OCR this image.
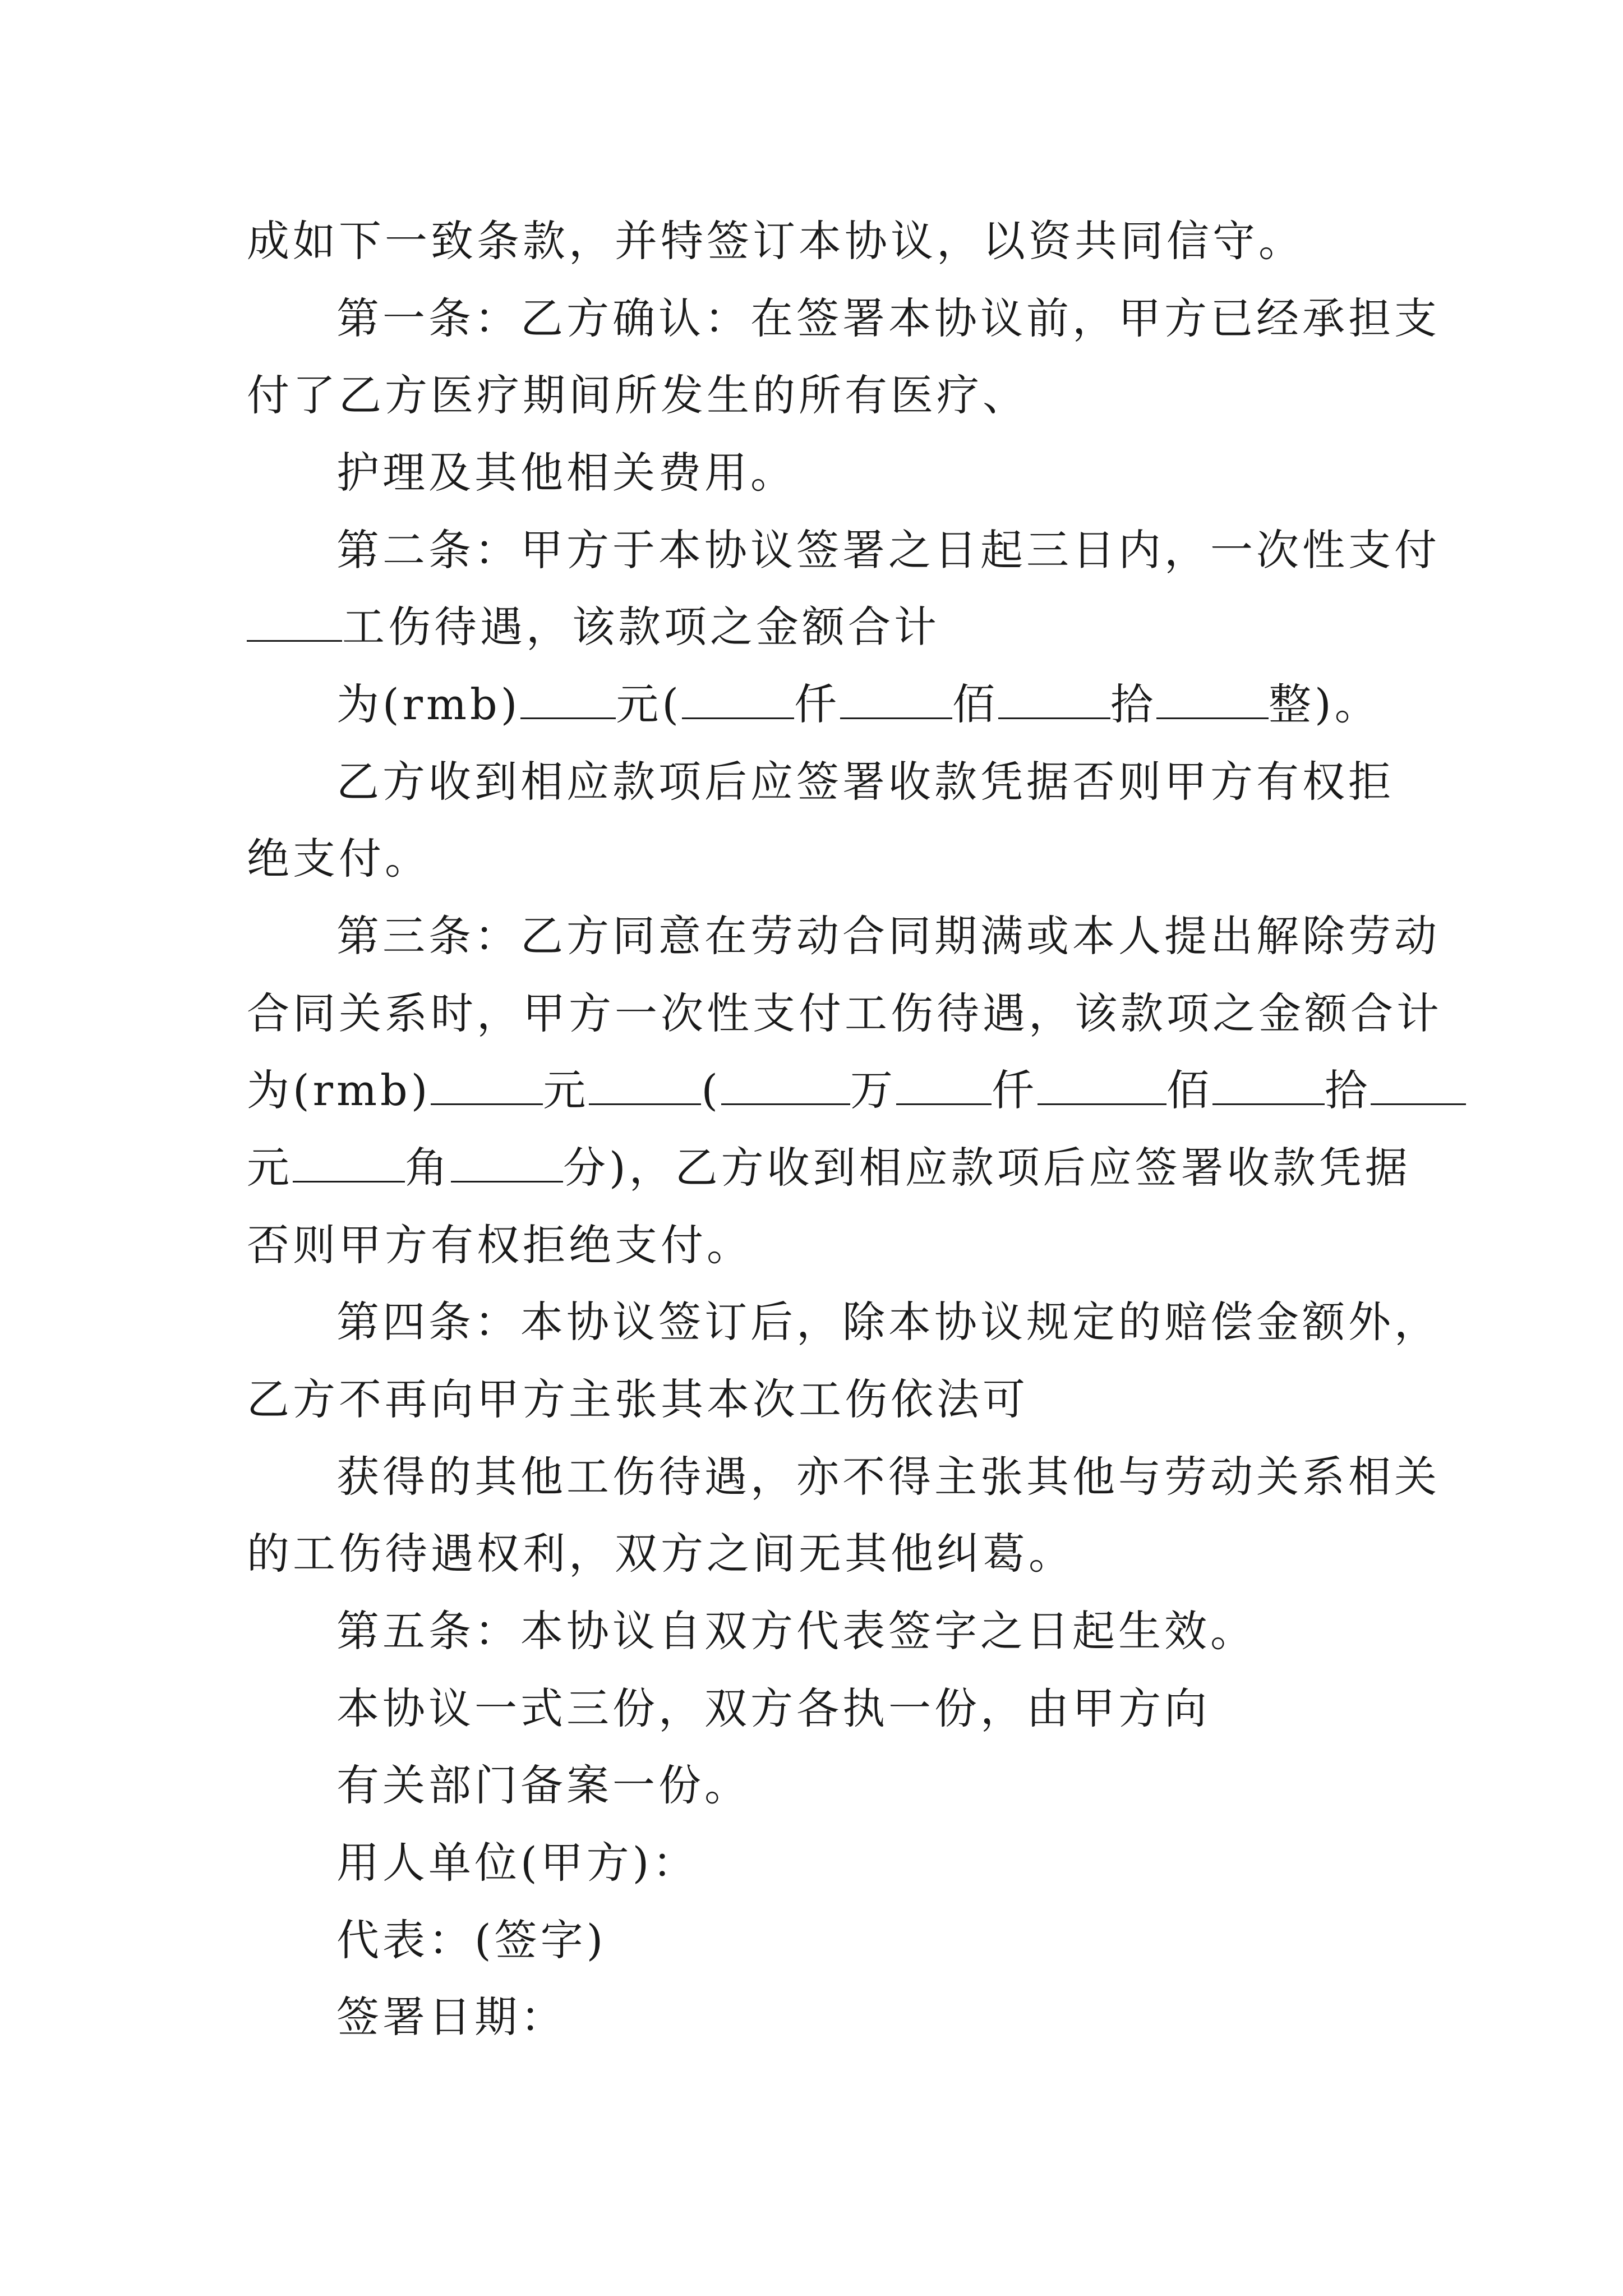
成如下一致条款，并特签订本协议，以资共同信守。
第一条：乙方确认：在签署本协议前，甲方已经承担支
付了乙方医疗期间所发生的所有医疗、
护理及其他相关费用。
第二条：甲方于本协议签署之日起三日内，一次性支付
工伤待遇，该款项之金额合计
为(rmb) 元(	仟	佰	拾	整)。
乙方收到相应款项后应签署收款凭据否则甲方有权拒
绝支付。
第三条：乙方同意在劳动合同期满或本人提出解除劳动
合同关系时，甲方一次性支付工伤待遇，该款项之金额合计
为(rmb)	元	(	万 仟	佰	拾
元	角	分)，乙方收到相应款项后应签署收款凭据
否则甲方有权拒绝支付。
第四条：本协议签订后，除本协议规定的赔偿金额外，
乙方不再向甲方主张其本次工伤依法可
获得的其他工伤待遇，亦不得主张其他与劳动关系相关
的工伤待遇权利，双方之间无其他纠葛。
第五条：本协议自双方代表签字之日起生效。
本协议一式三份，双方各执一份，由甲方向
有关部门备案一份。
用人单位(甲方)：
代表：(签字)
签署日期：
